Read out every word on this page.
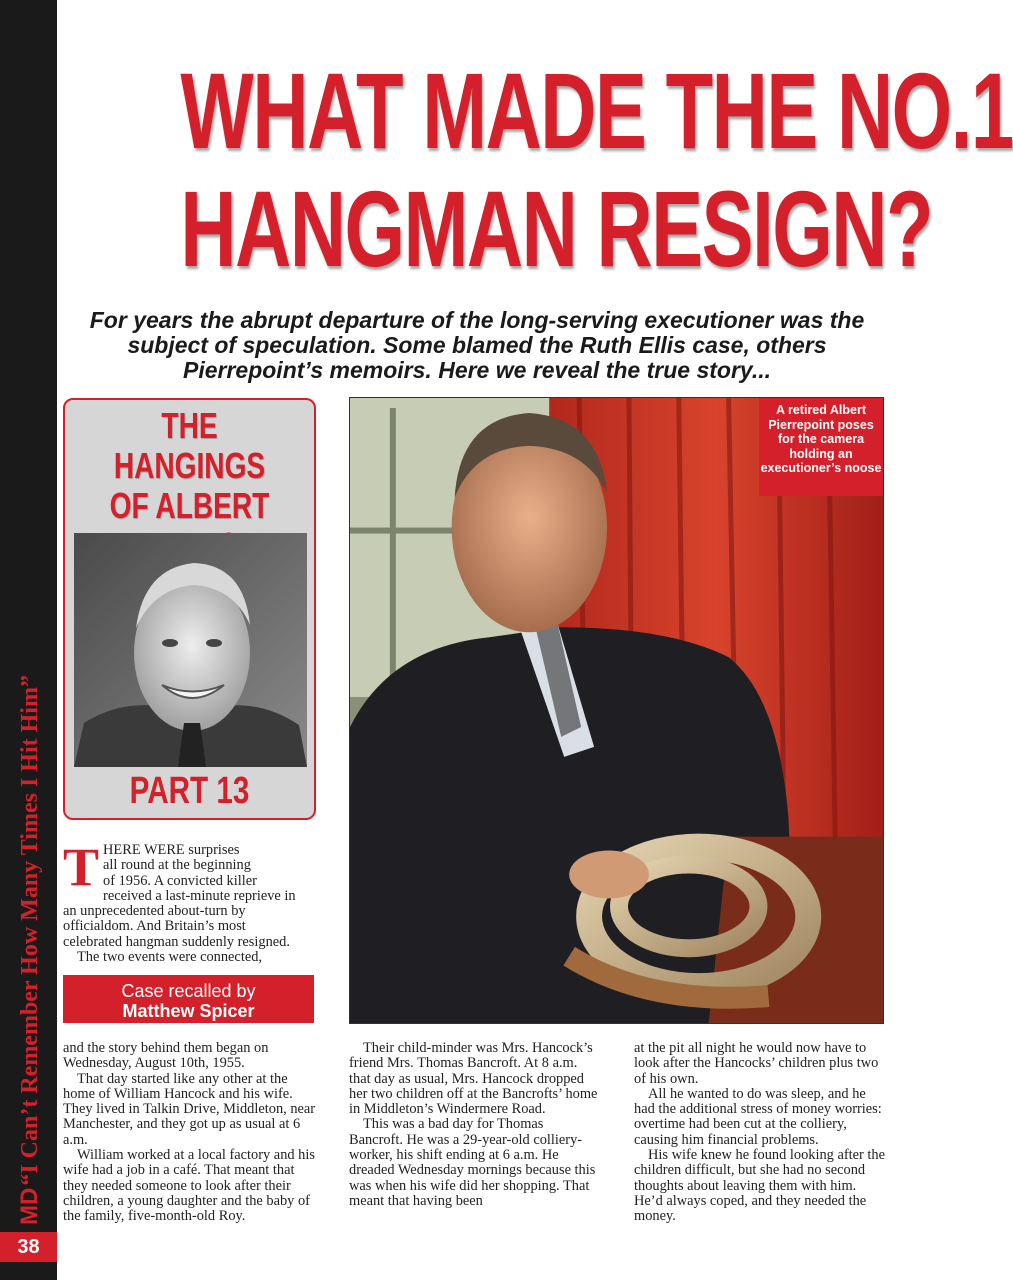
MD“I Can’t Remember How Many Times I Hit Him”
38
WHAT MADE THE NO.1
HANGMAN RESIGN?
For years the abrupt departure of the long-serving executioner was the subject of speculation. Some blamed the Ruth Ellis case, others Pierrepoint’s memoirs. Here we reveal the true story...
THE HANGINGS
OF ALBERT
PART 13
A retired Albert Pierrepoint poses for the camera holding an executioner’s noose
T HERE WERE surprises
all round at the beginning
of 1956. A convicted killer
received a last-minute reprieve in
an unprecedented about-turn by
officialdom. And Britain’s most
celebrated hangman suddenly resigned.
The two events were connected,
Case recalled by
Matthew Spicer

and the story behind them began on Wednesday, August 10th, 1955.

That day started like any other at the home of William Hancock and his wife. They lived in Talkin Drive, Middleton, near Manchester, and they got up as usual at 6 a.m.

William worked at a local factory and his wife had a job in a café. That meant that they needed someone to look after their children, a young daughter and the baby of the family, five-month-old Roy.

Their child-minder was Mrs. Hancock’s friend Mrs. Thomas Bancroft. At 8 a.m. that day as usual, Mrs. Hancock dropped her two children off at the Bancrofts’ home in Middleton’s Windermere Road.

This was a bad day for Thomas Bancroft. He was a 29-year-old colliery-worker, his shift ending at 6 a.m. He dreaded Wednesday mornings because this was when his wife did her shopping. That meant that having been

at the pit all night he would now have to look after the Hancocks’ children plus two of his own.

All he wanted to do was sleep, and he had the additional stress of money worries: overtime had been cut at the colliery, causing him financial problems.

His wife knew he found looking after the children difficult, but she had no second thoughts about leaving them with him. He’d always coped, and they needed the money.
